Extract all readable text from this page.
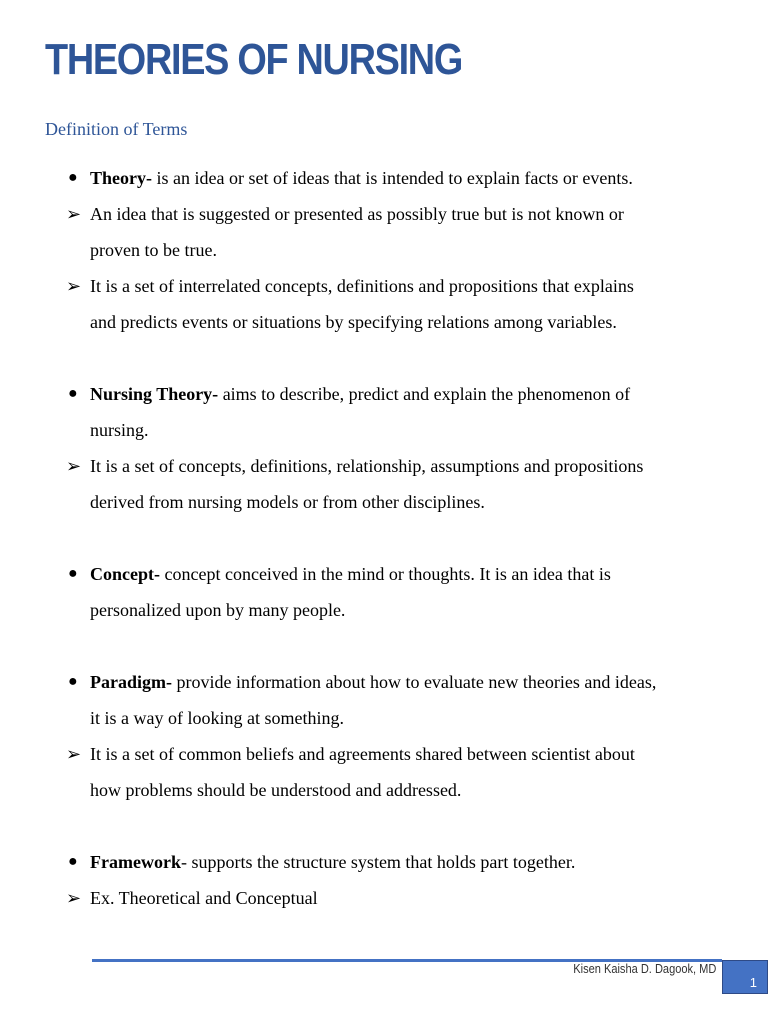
THEORIES OF NURSING
Definition of Terms
● Theory- is an idea or set of ideas that is intended to explain facts or events.
➢ An idea that is suggested or presented as possibly true but is not known or
proven to be true.
➢ It is a set of interrelated concepts, definitions and propositions that explains
and predicts events or situations by specifying relations among variables.
● Nursing Theory- aims to describe, predict and explain the phenomenon of
nursing.
➢ It is a set of concepts, definitions, relationship, assumptions and propositions
derived from nursing models or from other disciplines.
● Concept- concept conceived in the mind or thoughts. It is an idea that is
personalized upon by many people.
● Paradigm- provide information about how to evaluate new theories and ideas,
it is a way of looking at something.
➢ It is a set of common beliefs and agreements shared between scientist about
how problems should be understood and addressed.
● Framework- supports the structure system that holds part together.
➢ Ex. Theoretical and Conceptual
Kisen Kaisha D. Dagook, MD
1
